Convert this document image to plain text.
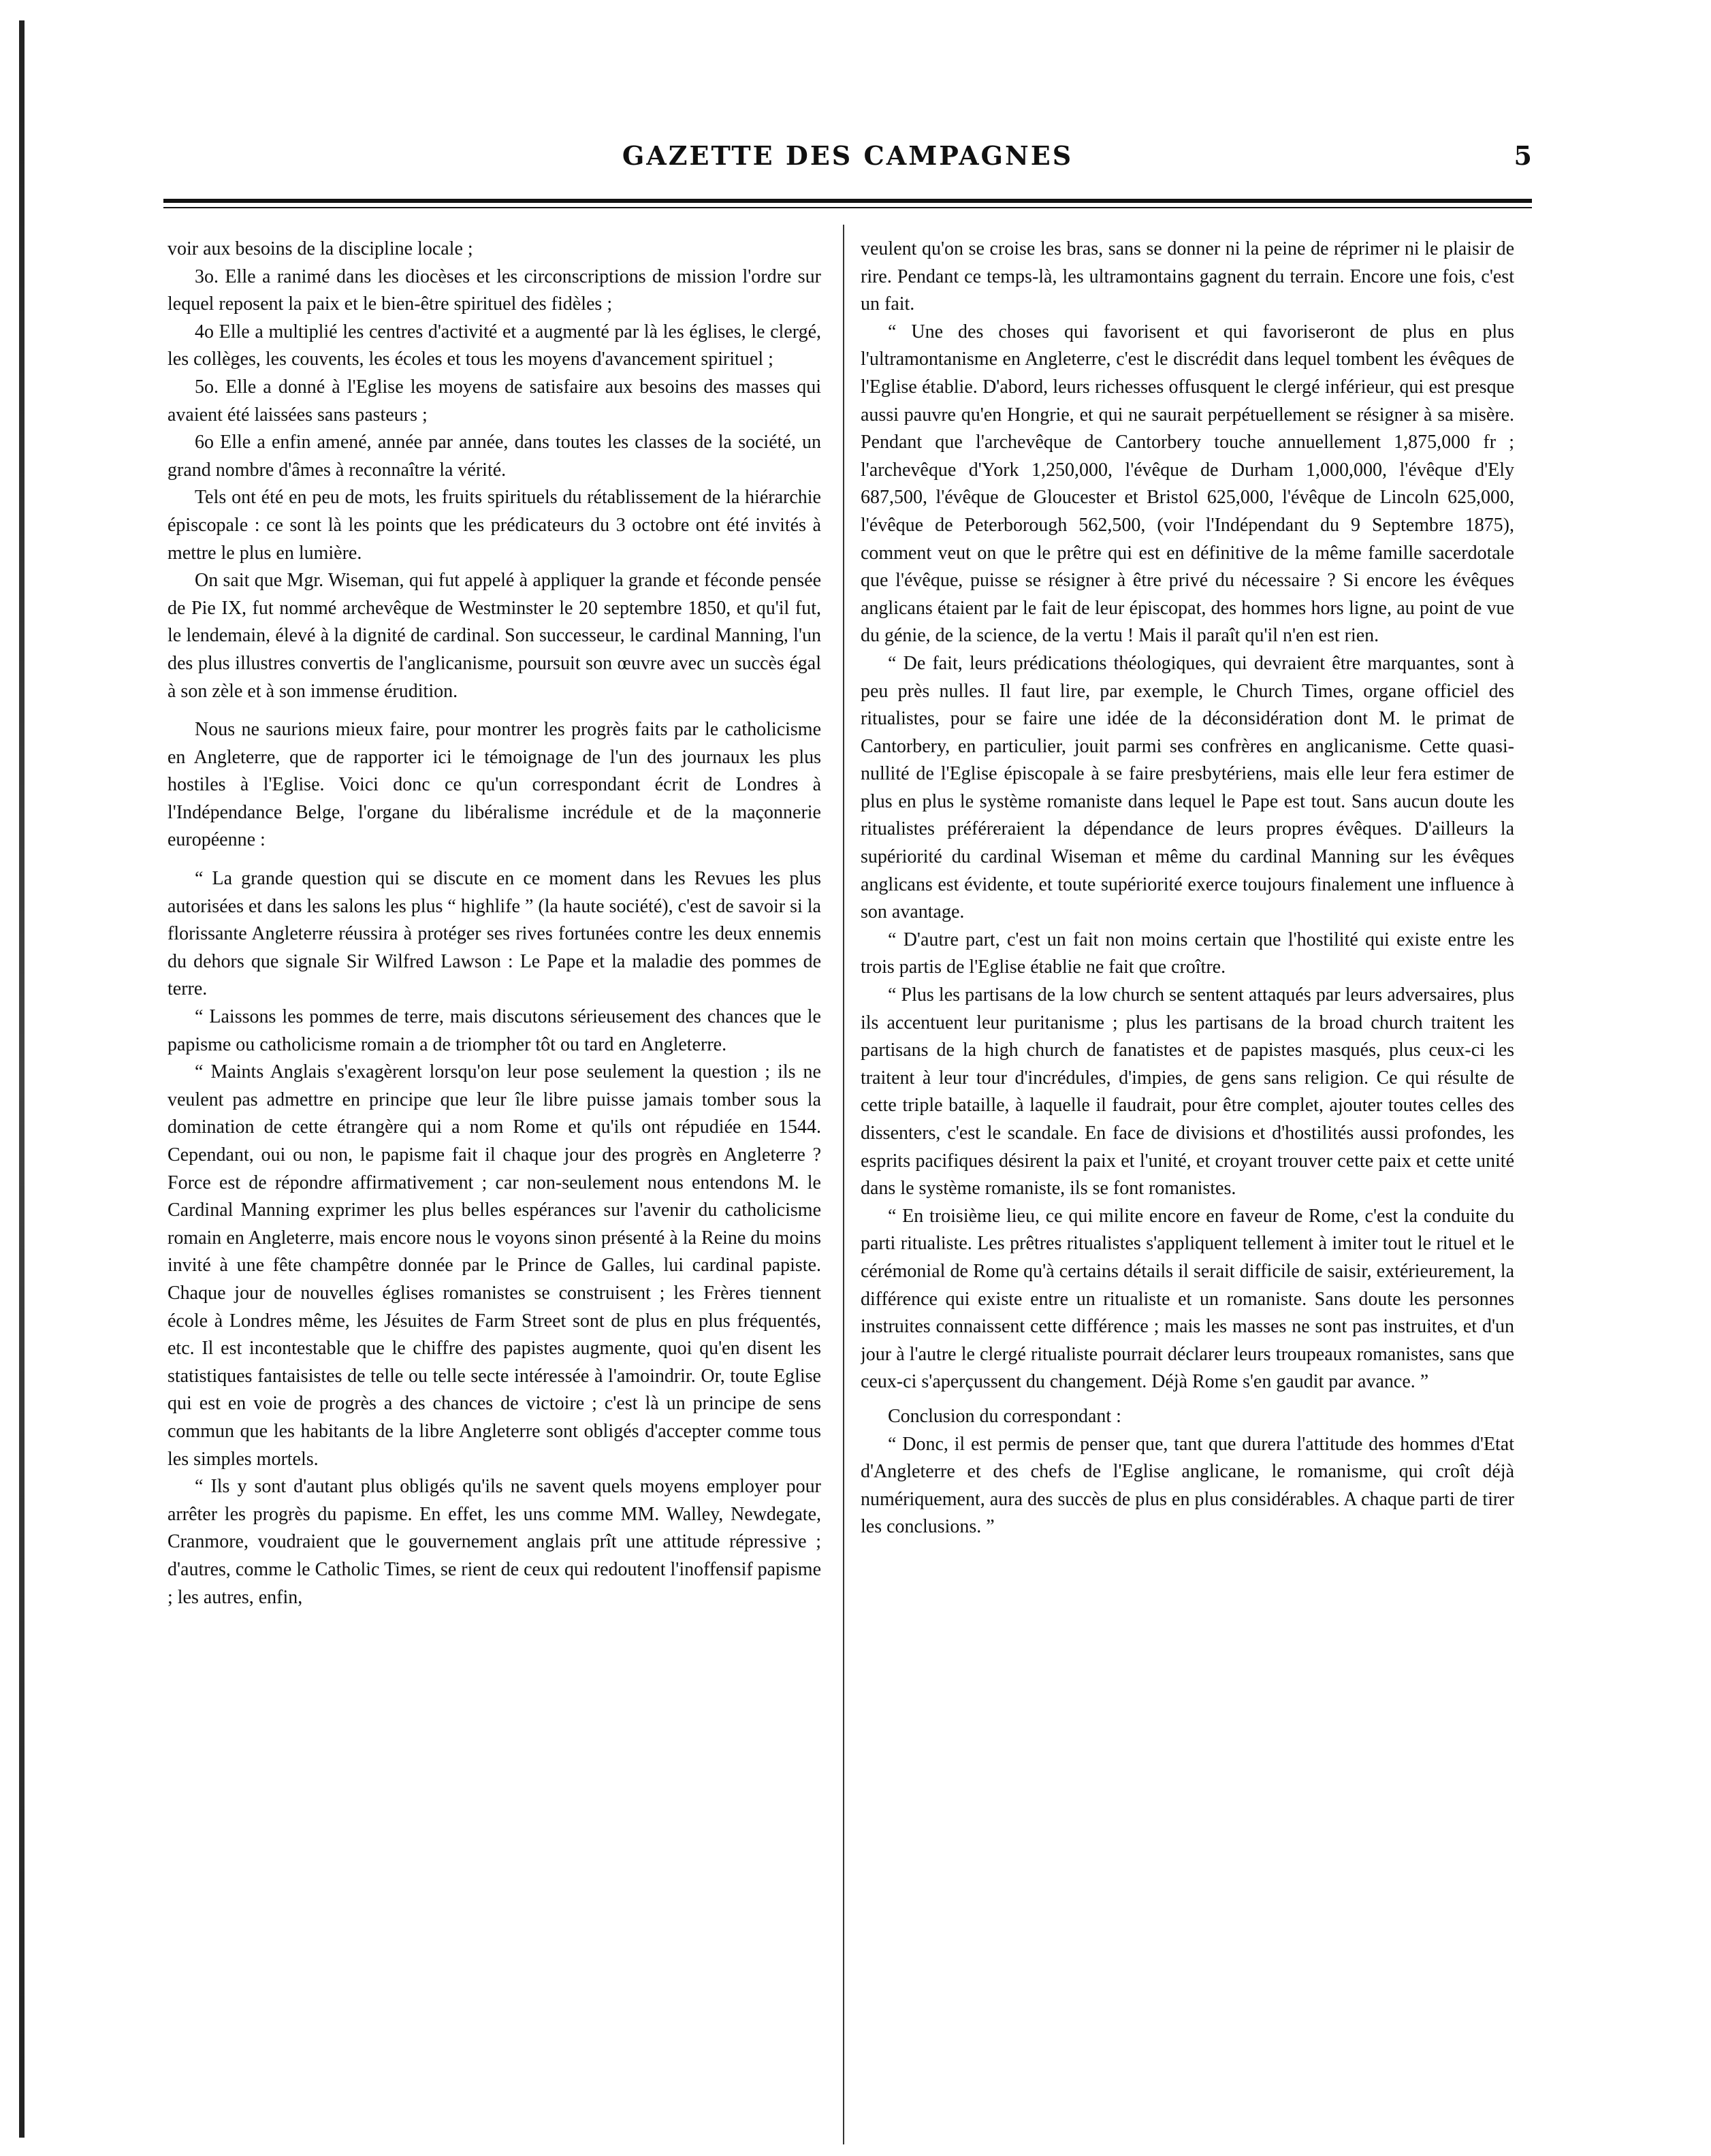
GAZETTE DES CAMPAGNES	5

voir aux besoins de la discipline locale ;

3o. Elle a ranimé dans les diocèses et les circonscriptions de mission l'ordre sur lequel reposent la paix et le bien-être spirituel des fidèles ;

4o Elle a multiplié les centres d'activité et a augmenté par là les églises, le clergé, les collèges, les couvents, les écoles et tous les moyens d'avancement spirituel ;

5o. Elle a donné à l'Eglise les moyens de satisfaire aux besoins des masses qui avaient été laissées sans pasteurs ;

6o Elle a enfin amené, année par année, dans toutes les classes de la société, un grand nombre d'âmes à reconnaître la vérité.

Tels ont été en peu de mots, les fruits spirituels du rétablissement de la hiérarchie épiscopale : ce sont là les points que les prédicateurs du 3 octobre ont été invités à mettre le plus en lumière.

On sait que Mgr. Wiseman, qui fut appelé à appliquer la grande et féconde pensée de Pie IX, fut nommé archevêque de Westminster le 20 septembre 1850, et qu'il fut, le lendemain, élevé à la dignité de cardinal. Son successeur, le cardinal Manning, l'un des plus illustres convertis de l'anglicanisme, poursuit son œuvre avec un succès égal à son zèle et à son immense érudition.

Nous ne saurions mieux faire, pour montrer les progrès faits par le catholicisme en Angleterre, que de rapporter ici le témoignage de l'un des journaux les plus hostiles à l'Eglise. Voici donc ce qu'un correspondant écrit de Londres à l'Indépendance Belge, l'organe du libéralisme incrédule et de la maçonnerie européenne :

“ La grande question qui se discute en ce moment dans les Revues les plus autorisées et dans les salons les plus “ highlife ” (la haute société), c'est de savoir si la florissante Angleterre réussira à protéger ses rives fortunées contre les deux ennemis du dehors que signale Sir Wilfred Lawson : Le Pape et la maladie des pommes de terre.

“ Laissons les pommes de terre, mais discutons sérieusement des chances que le papisme ou catholicisme romain a de triompher tôt ou tard en Angleterre.

“ Maints Anglais s'exagèrent lorsqu'on leur pose seulement la question ; ils ne veulent pas admettre en principe que leur île libre puisse jamais tomber sous la domination de cette étrangère qui a nom Rome et qu'ils ont répudiée en 1544. Cependant, oui ou non, le papisme fait il chaque jour des progrès en Angleterre ? Force est de répondre affirmativement ; car non-seulement nous entendons M. le Cardinal Manning exprimer les plus belles espérances sur l'avenir du catholicisme romain en Angleterre, mais encore nous le voyons sinon présenté à la Reine du moins invité à une fête champêtre donnée par le Prince de Galles, lui cardinal papiste. Chaque jour de nouvelles églises romanistes se construisent ; les Frères tiennent école à Londres même, les Jésuites de Farm Street sont de plus en plus fréquentés, etc. Il est incontestable que le chiffre des papistes augmente, quoi qu'en disent les statistiques fantaisistes de telle ou telle secte intéressée à l'amoindrir. Or, toute Eglise qui est en voie de progrès a des chances de victoire ; c'est là un principe de sens commun que les habitants de la libre Angleterre sont obligés d'accepter comme tous les simples mortels.

“ Ils y sont d'autant plus obligés qu'ils ne savent quels moyens employer pour arrêter les progrès du papisme. En effet, les uns comme MM. Walley, Newdegate, Cranmore, voudraient que le gouvernement anglais prît une attitude répressive ; d'autres, comme le Catholic Times, se rient de ceux qui redoutent l'inoffensif papisme ; les autres, enfin,

veulent qu'on se croise les bras, sans se donner ni la peine de réprimer ni le plaisir de rire. Pendant ce temps-là, les ultramontains gagnent du terrain. Encore une fois, c'est un fait.

“ Une des choses qui favorisent et qui favoriseront de plus en plus l'ultramontanisme en Angleterre, c'est le discrédit dans lequel tombent les évêques de l'Eglise établie. D'abord, leurs richesses offusquent le clergé inférieur, qui est presque aussi pauvre qu'en Hongrie, et qui ne saurait perpétuellement se résigner à sa misère. Pendant que l'archevêque de Cantorbery touche annuellement 1,875,000 fr ; l'archevêque d'York 1,250,000, l'évêque de Durham 1,000,000, l'évêque d'Ely 687,500, l'évêque de Gloucester et Bristol 625,000, l'évêque de Lincoln 625,000, l'évêque de Peterborough 562,500, (voir l'Indépendant du 9 Septembre 1875), comment veut on que le prêtre qui est en définitive de la même famille sacerdotale que l'évêque, puisse se résigner à être privé du nécessaire ? Si encore les évêques anglicans étaient par le fait de leur épiscopat, des hommes hors ligne, au point de vue du génie, de la science, de la vertu ! Mais il paraît qu'il n'en est rien.

“ De fait, leurs prédications théologiques, qui devraient être marquantes, sont à peu près nulles. Il faut lire, par exemple, le Church Times, organe officiel des ritualistes, pour se faire une idée de la déconsidération dont M. le primat de Cantorbery, en particulier, jouit parmi ses confrères en anglicanisme. Cette quasi-nullité de l'Eglise épiscopale à se faire presbytériens, mais elle leur fera estimer de plus en plus le système romaniste dans lequel le Pape est tout. Sans aucun doute les ritualistes préféreraient la dépendance de leurs propres évêques. D'ailleurs la supériorité du cardinal Wiseman et même du cardinal Manning sur les évêques anglicans est évidente, et toute supériorité exerce toujours finalement une influence à son avantage.

“ D'autre part, c'est un fait non moins certain que l'hostilité qui existe entre les trois partis de l'Eglise établie ne fait que croître.

“ Plus les partisans de la low church se sentent attaqués par leurs adversaires, plus ils accentuent leur puritanisme ; plus les partisans de la broad church traitent les partisans de la high church de fanatistes et de papistes masqués, plus ceux-ci les traitent à leur tour d'incrédules, d'impies, de gens sans religion. Ce qui résulte de cette triple bataille, à laquelle il faudrait, pour être complet, ajouter toutes celles des dissenters, c'est le scandale. En face de divisions et d'hostilités aussi profondes, les esprits pacifiques désirent la paix et l'unité, et croyant trouver cette paix et cette unité dans le système romaniste, ils se font romanistes.

“ En troisième lieu, ce qui milite encore en faveur de Rome, c'est la conduite du parti ritualiste. Les prêtres ritualistes s'appliquent tellement à imiter tout le rituel et le cérémonial de Rome qu'à certains détails il serait difficile de saisir, extérieurement, la différence qui existe entre un ritualiste et un romaniste. Sans doute les personnes instruites connaissent cette différence ; mais les masses ne sont pas instruites, et d'un jour à l'autre le clergé ritualiste pourrait déclarer leurs troupeaux romanistes, sans que ceux-ci s'aperçussent du changement. Déjà Rome s'en gaudit par avance. ”

Conclusion du correspondant :

“ Donc, il est permis de penser que, tant que durera l'attitude des hommes d'Etat d'Angleterre et des chefs de l'Eglise anglicane, le romanisme, qui croît déjà numériquement, aura des succès de plus en plus considérables. A chaque parti de tirer les conclusions. ”
